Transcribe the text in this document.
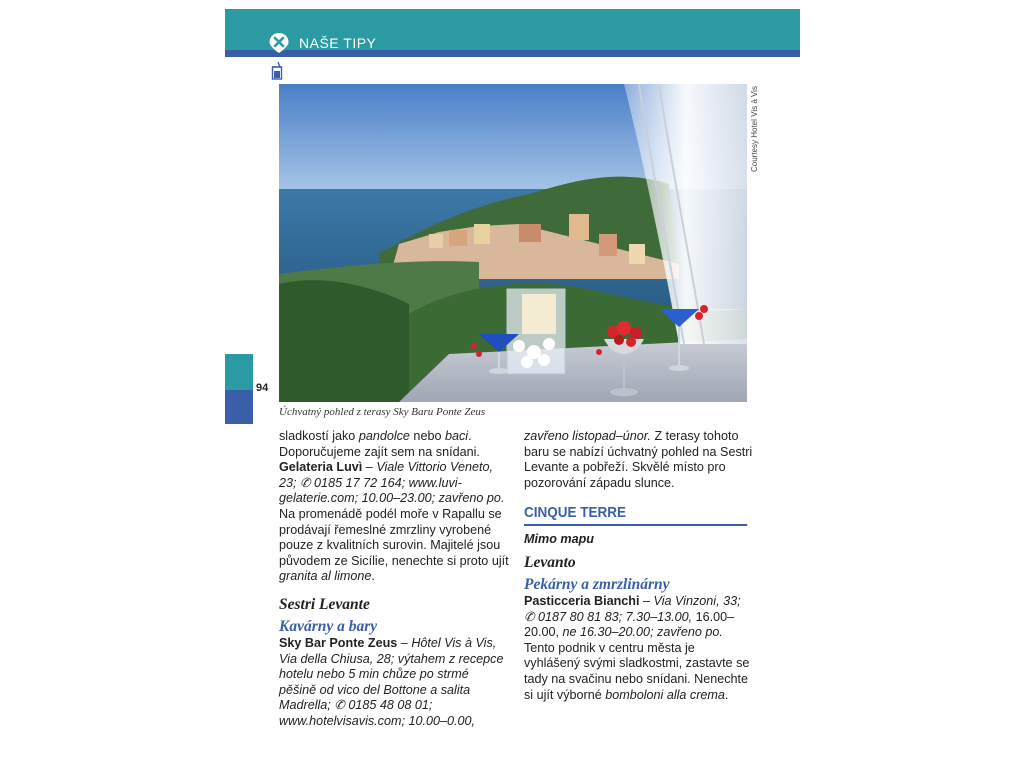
NAŠE TIPY
Courtesy Hotel Vis à Vis
94
Úchvatný pohled z terasy Sky Baru Ponte Zeus

sladkostí jako pandolce nebo baci. Doporučujeme zajít sem na snídani.

Gelateria Luvì – Viale Vittorio Veneto, 23; ✆ 0185 17 72 164; www.luvi-gelaterie.com; 10.00–23.00; zavřeno po. Na promenádě podél moře v Rapallu se prodávají řemeslné zmrzliny vyrobené pouze z kvalitních surovin. Majitelé jsou původem ze Sicílie, nenechte si proto ujít granita al limone.

Sestri Levante
Kavárny a bary

Sky Bar Ponte Zeus – Hôtel Vis à Vis, Via della Chiusa, 28; výtahem z recepce hotelu nebo 5 min chůze po strmé pěšině od vico del Bottone a salita Madrella; ✆ 0185 48 08 01; www.hotelvisavis.com; 10.00–0.00,

zavřeno listopad–únor. Z terasy tohoto baru se nabízí úchvatný pohled na Sestri Levante a pobřeží. Skvělé místo pro pozorování západu slunce.

CINQUE TERRE
Mimo mapu
Levanto
Pekárny a zmrzlinárny

Pasticceria Bianchi – Via Vinzoni, 33; ✆ 0187 80 81 83; 7.30–13.00, 16.00–20.00, ne 16.30–20.00; zavřeno po. Tento podnik v centru města je vyhlášený svými sladkostmi, zastavte se tady na svačinu nebo snídani. Nenechte si ujít výborné bomboloni alla crema.
